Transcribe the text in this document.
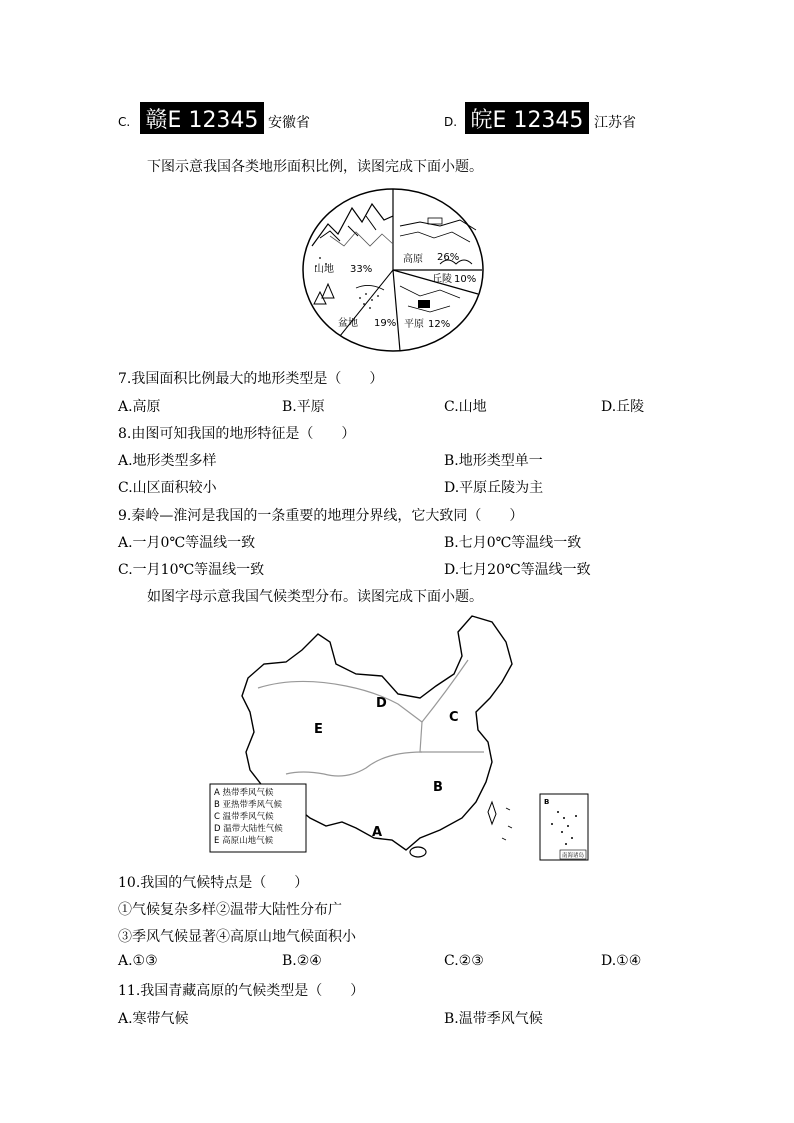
C. 赣E 12345 安徽省	D. 皖E 12345 江苏省
下图示意我国各类地形面积比例，读图完成下面小题。
高原 26%
丘陵 10%
平原 12%
盆地 19%
山地 33%
7.我国面积比例最大的地形类型是（　　）
A.高原	B.平原	C.山地	D.丘陵
8.由图可知我国的地形特征是（　　）
A.地形类型多样	B.地形类型单一
C.山区面积较小	D.平原丘陵为主
9.秦岭—淮河是我国的一条重要的地理分界线，它大致同（　　）
A.一月0℃等温线一致	B.七月0℃等温线一致
C.一月10℃等温线一致	D.七月20℃等温线一致
如图字母示意我国气候类型分布。读图完成下面小题。
D
C
E
B
A
A 热带季风气候
B 亚热带季风气候
C 温带季风气候
D 温带大陆性气候
E 高原山地气候
B
南海诸岛
10.我国的气候特点是（　　）
①气候复杂多样②温带大陆性分布广
③季风气候显著④高原山地气候面积小
A.①③	B.②④	C.②③	D.①④
11.我国青藏高原的气候类型是（　　）
A.寒带气候	B.温带季风气候
